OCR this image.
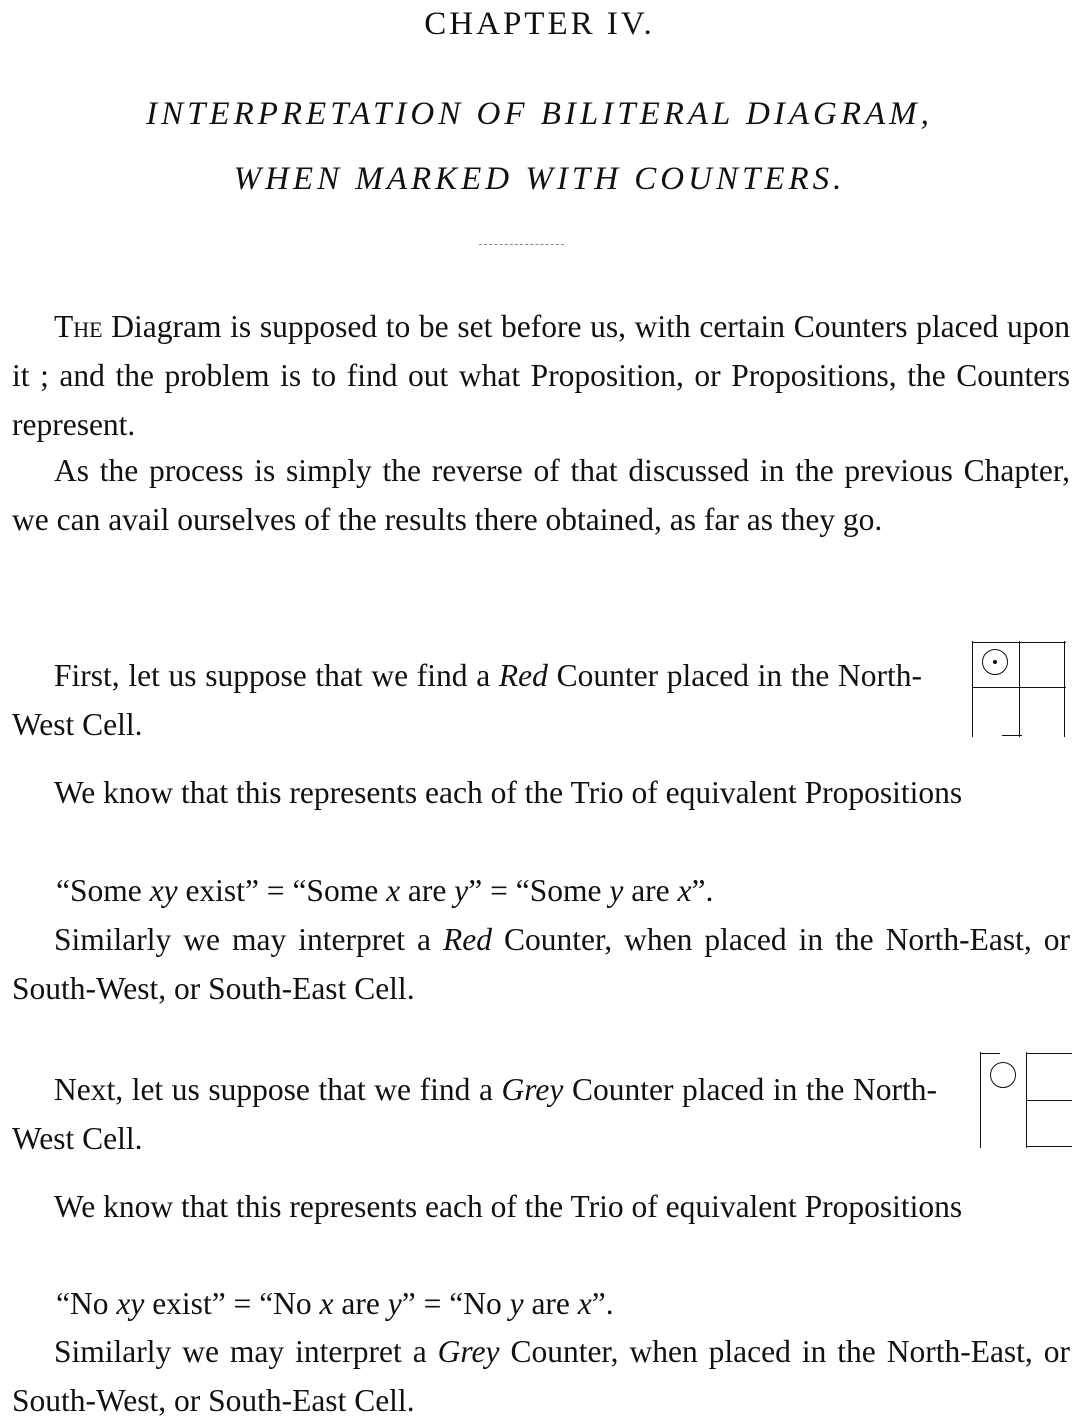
CHAPTER IV.
INTERPRETATION OF BILITERAL DIAGRAM,
WHEN MARKED WITH COUNTERS.

The Diagram is supposed to be set before us, with certain Counters placed upon it ; and the problem is to find out what Proposition, or Propositions, the Counters represent.

As the process is simply the reverse of that discussed in the previous Chapter, we can avail ourselves of the results there obtained, as far as they go.

First, let us suppose that we find a Red Counter placed in the North-West Cell.

We know that this represents each of the Trio of equivalent Propositions

“Some xy exist” = “Some x are y” = “Some y are x”.

Similarly we may interpret a Red Counter, when placed in the North-East, or South-West, or South-East Cell.

Next, let us suppose that we find a Grey Counter placed in the North-West Cell.

We know that this represents each of the Trio of equivalent Propositions

“No xy exist” = “No x are y” = “No y are x”.

Similarly we may interpret a Grey Counter, when placed in the North-East, or South-West, or South-East Cell.
